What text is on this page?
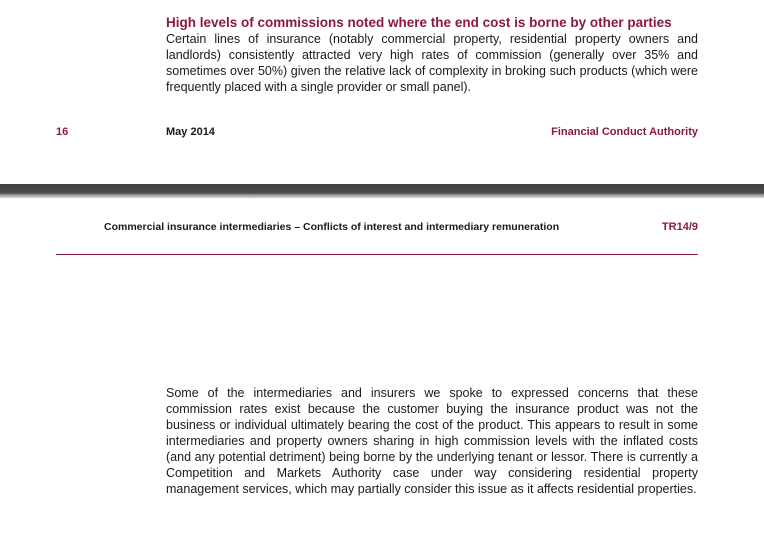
High levels of commissions noted where the end cost is borne by other parties

Certain lines of insurance (notably commercial property, residential property owners and landlords) consistently attracted very high rates of commission (generally over 35% and sometimes over 50%) given the relative lack of complexity in broking such products (which were frequently placed with a single provider or small panel).

16	May 2014	Financial Conduct Authority
Commercial insurance intermediaries – Conflicts of interest and intermediary remuneration	TR14/9

Some of the intermediaries and insurers we spoke to expressed concerns that these commission rates exist because the customer buying the insurance product was not the business or individual ultimately bearing the cost of the product. This appears to result in some intermediaries and property owners sharing in high commission levels with the inflated costs (and any potential detriment) being borne by the underlying tenant or lessor. There is currently a Competition and Markets Authority case under way considering residential property management services, which may partially consider this issue as it affects residential properties.
